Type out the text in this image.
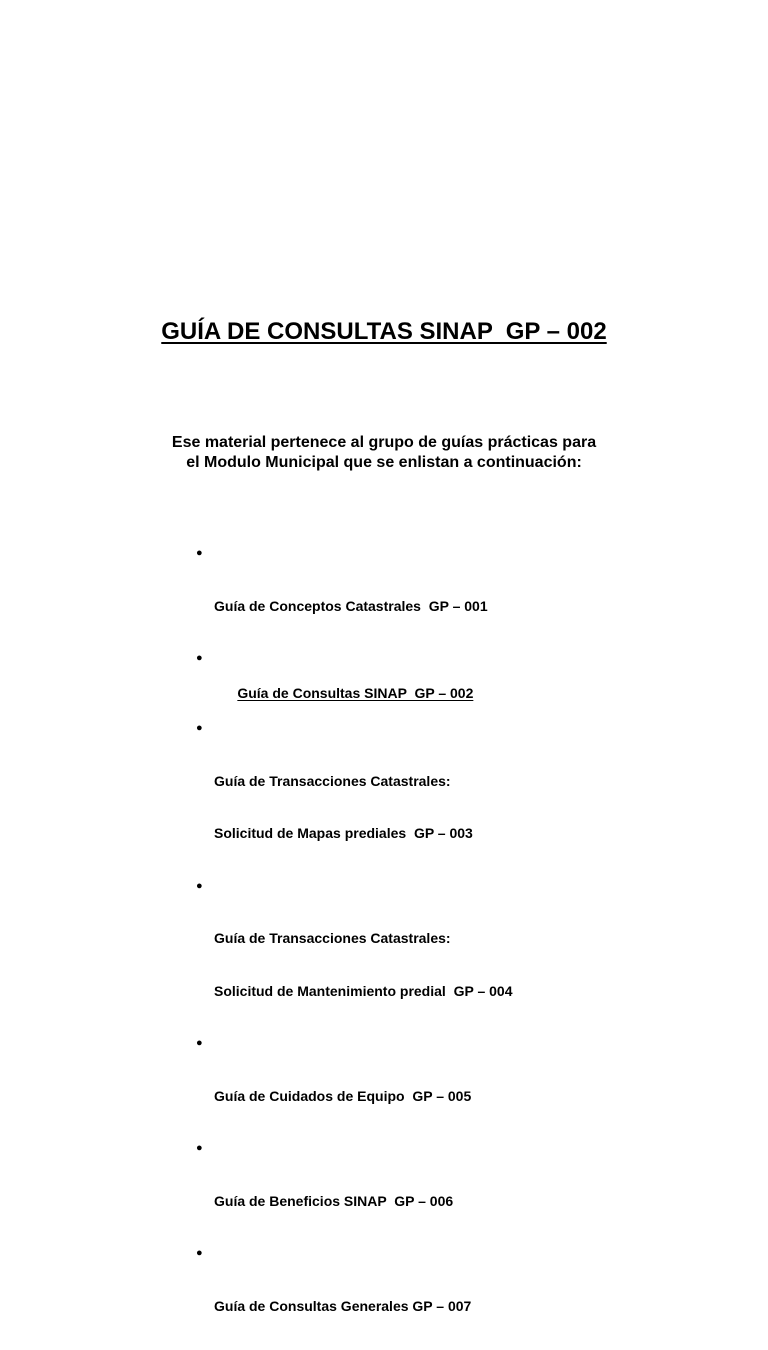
GUÍA DE CONSULTAS SINAP  GP – 002
Ese material pertenece al grupo de guías prácticas para
el Modulo Municipal que se enlistan a continuación:

●

Guía de Conceptos Catastrales  GP – 001

●

Guía de Consultas SINAP  GP – 002

●

Guía de Transacciones Catastrales:

Solicitud de Mapas prediales  GP – 003

●

Guía de Transacciones Catastrales:

Solicitud de Mantenimiento predial  GP – 004

●

Guía de Cuidados de Equipo  GP – 005

●

Guía de Beneficios SINAP  GP – 006

●

Guía de Consultas Generales GP – 007
